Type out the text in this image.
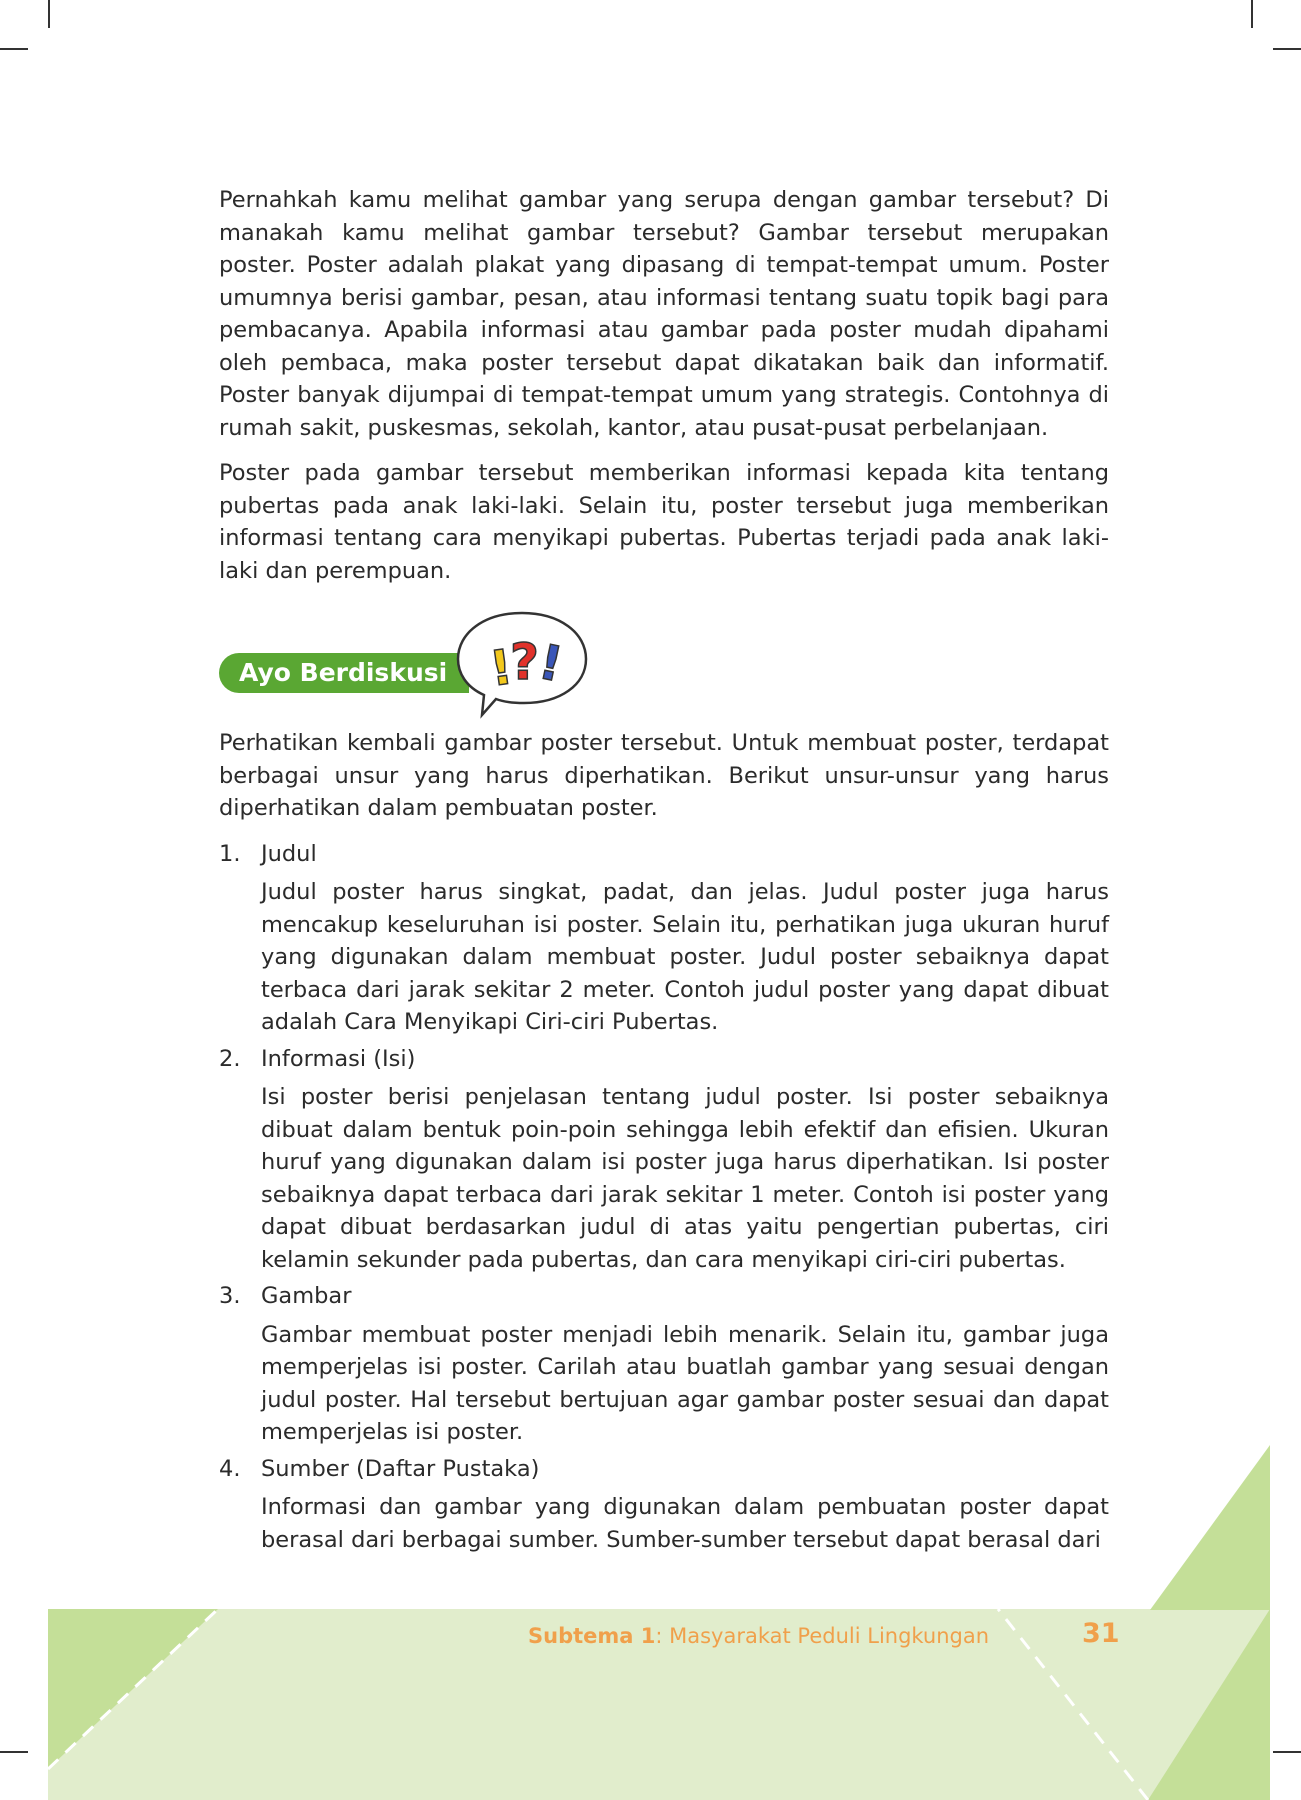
Pernahkah kamu melihat gambar yang serupa dengan gambar tersebut? Di manakah kamu melihat gambar tersebut? Gambar tersebut merupakan poster. Poster adalah plakat yang dipasang di tempat-tempat umum. Poster umumnya berisi gambar, pesan, atau informasi tentang suatu topik bagi para pembacanya. Apabila informasi atau gambar pada poster mudah dipahami oleh pembaca, maka poster tersebut dapat dikatakan baik dan informatif. Poster banyak dijumpai di tempat-tempat umum yang strategis. Contohnya di rumah sakit, puskesmas, sekolah, kantor, atau pusat-pusat perbelanjaan.

Poster pada gambar tersebut memberikan informasi kepada kita tentang pubertas pada anak laki-laki. Selain itu, poster tersebut juga memberikan informasi tentang cara menyikapi pubertas. Pubertas terjadi pada anak laki-laki dan perempuan.

Ayo Berdiskusi !
?
!

Perhatikan kembali gambar poster tersebut. Untuk membuat poster, terdapat berbagai unsur yang harus diperhatikan. Berikut unsur-unsur yang harus diperhatikan dalam pembuatan poster.

1. Judul
Judul poster harus singkat, padat, dan jelas. Judul poster juga harus mencakup keseluruhan isi poster. Selain itu, perhatikan juga ukuran huruf yang digunakan dalam membuat poster. Judul poster sebaiknya dapat terbaca dari jarak sekitar 2 meter. Contoh judul poster yang dapat dibuat adalah Cara Menyikapi Ciri-ciri Pubertas.
2. Informasi (Isi)
Isi poster berisi penjelasan tentang judul poster. Isi poster sebaiknya dibuat dalam bentuk poin-poin sehingga lebih efektif dan efisien. Ukuran huruf yang digunakan dalam isi poster juga harus diperhatikan. Isi poster sebaiknya dapat terbaca dari jarak sekitar 1 meter. Contoh isi poster yang dapat dibuat berdasarkan judul di atas yaitu pengertian pubertas, ciri kelamin sekunder pada pubertas, dan cara menyikapi ciri-ciri pubertas.
3. Gambar
Gambar membuat poster menjadi lebih menarik. Selain itu, gambar juga memperjelas isi poster. Carilah atau buatlah gambar yang sesuai dengan judul poster. Hal tersebut bertujuan agar gambar poster sesuai dan dapat memperjelas isi poster.
4. Sumber (Daftar Pustaka)
Informasi dan gambar yang digunakan dalam pembuatan poster dapat berasal dari berbagai sumber. Sumber-sumber tersebut dapat berasal dari
Subtema 1: Masyarakat Peduli Lingkungan	31
